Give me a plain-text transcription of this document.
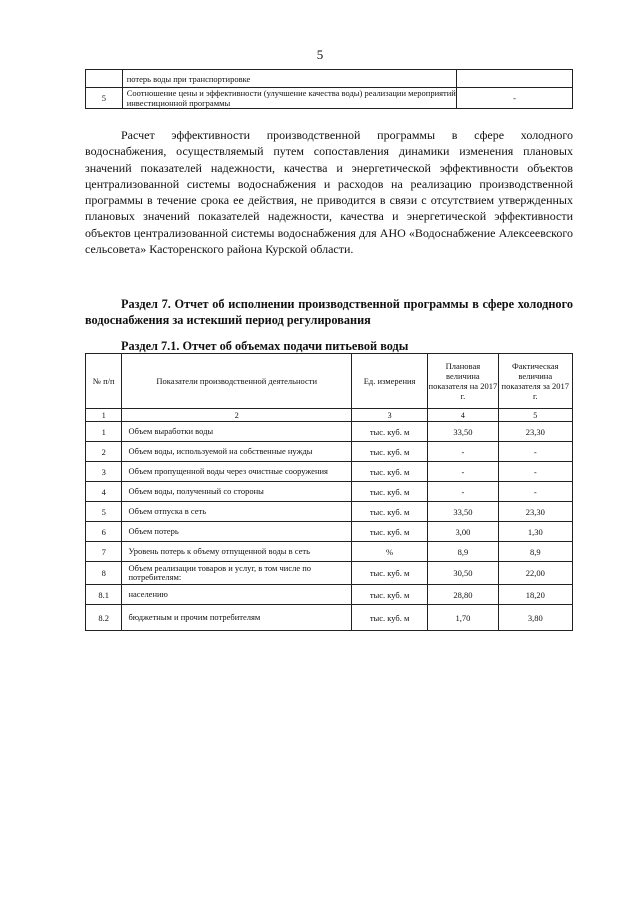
5
	потерь воды при транспортировке	
5	Соотношение цены и эффективности (улучшение качества воды) реализации мероприятий инвестиционной программы	-
Расчет эффективности производственной программы в сфере холодного водоснабжения, осуществляемый путем сопоставления динамики изменения плановых значений показателей надежности, качества и энергетической эффективности объектов централизованной системы водоснабжения и расходов на реализацию производственной программы в течение срока ее действия, не приводится в связи с отсутствием утвержденных плановых значений показателей надежности, качества и энергетической эффективности объектов централизованной системы водоснабжения для АНО «Водоснабжение Алексеевского сельсовета» Касторенского района Курской области.
Раздел 7. Отчет об исполнении производственной программы в сфере холодного водоснабжения за истекший период регулирования
Раздел 7.1. Отчет об объемах подачи питьевой воды
№ п/п	Показатели производственной деятельности	Ед. измерения	Плановая величина показателя на 2017 г.	Фактическая величина показателя за 2017 г.
1	2	3	4	5
1	Объем выработки воды	тыс. куб. м	33,50	23,30
2	Объем воды, используемой на собственные нужды	тыс. куб. м	-	-
3	Объем пропущенной воды через очистные сооружения	тыс. куб. м	-	-
4	Объем воды, полученный со стороны	тыс. куб. м	-	-
5	Объем отпуска в сеть	тыс. куб. м	33,50	23,30
6	Объем потерь	тыс. куб. м	3,00	1,30
7	Уровень потерь к объему отпущенной воды в сеть	%	8,9	8,9
8	Объем реализации товаров и услуг, в том числе по потребителям:	тыс. куб. м	30,50	22,00
8.1	населению	тыс. куб. м	28,80	18,20
8.2	бюджетным и прочим потребителям	тыс. куб. м	1,70	3,80
